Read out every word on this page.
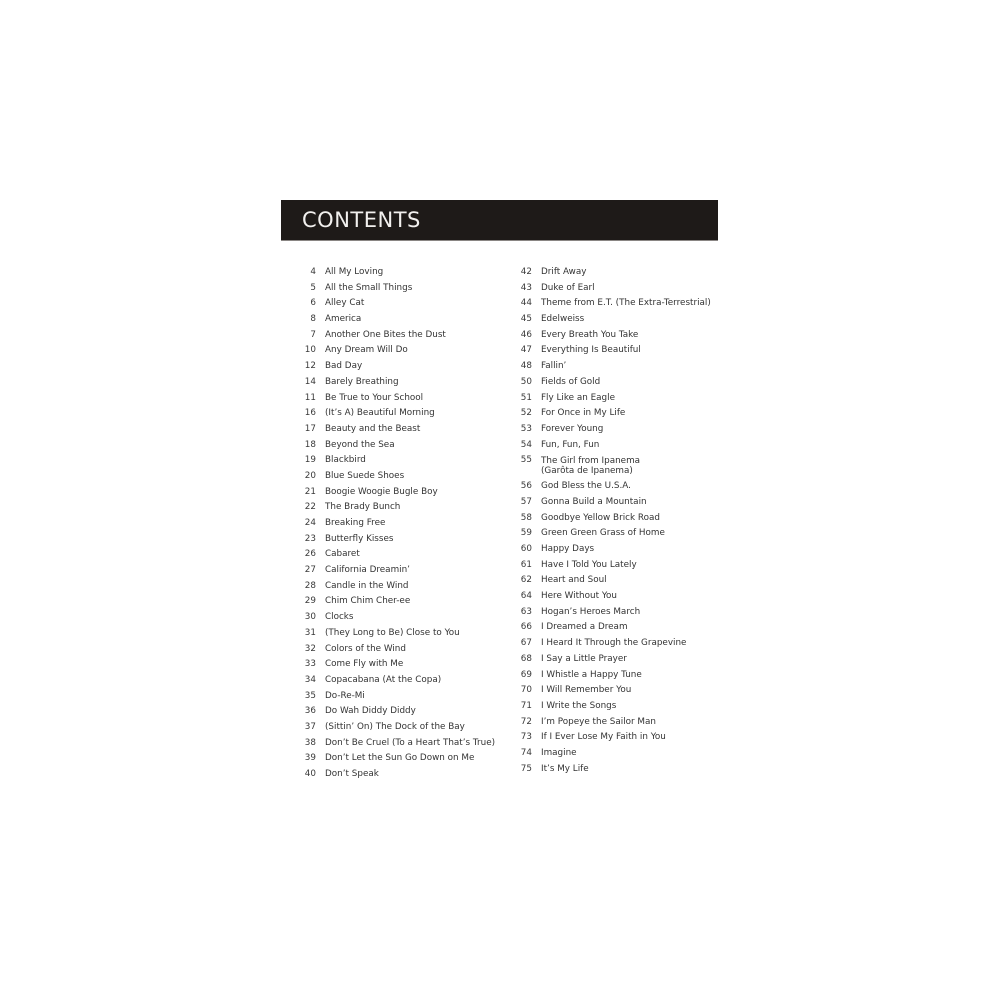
CONTENTS
4 All My Loving
5 All the Small Things
6 Alley Cat
8 America
7 Another One Bites the Dust
10 Any Dream Will Do
12 Bad Day
14 Barely Breathing
11 Be True to Your School
16 (It’s A) Beautiful Morning
17 Beauty and the Beast
18 Beyond the Sea
19 Blackbird
20 Blue Suede Shoes
21 Boogie Woogie Bugle Boy
22 The Brady Bunch
24 Breaking Free
23 Butterfly Kisses
26 Cabaret
27 California Dreamin’
28 Candle in the Wind
29 Chim Chim Cher-ee
30 Clocks
31 (They Long to Be) Close to You
32 Colors of the Wind
33 Come Fly with Me
34 Copacabana (At the Copa)
35 Do-Re-Mi
36 Do Wah Diddy Diddy
37 (Sittin’ On) The Dock of the Bay
38 Don’t Be Cruel (To a Heart That’s True)
39 Don’t Let the Sun Go Down on Me
40 Don’t Speak
42 Drift Away
43 Duke of Earl
44 Theme from E.T. (The Extra-Terrestrial)
45 Edelweiss
46 Every Breath You Take
47 Everything Is Beautiful
48 Fallin’
50 Fields of Gold
51 Fly Like an Eagle
52 For Once in My Life
53 Forever Young
54 Fun, Fun, Fun
55 The Girl from Ipanema
(Garôta de Ipanema)
56 God Bless the U.S.A.
57 Gonna Build a Mountain
58 Goodbye Yellow Brick Road
59 Green Green Grass of Home
60 Happy Days
61 Have I Told You Lately
62 Heart and Soul
64 Here Without You
63 Hogan’s Heroes March
66 I Dreamed a Dream
67 I Heard It Through the Grapevine
68 I Say a Little Prayer
69 I Whistle a Happy Tune
70 I Will Remember You
71 I Write the Songs
72 I’m Popeye the Sailor Man
73 If I Ever Lose My Faith in You
74 Imagine
75 It’s My Life
